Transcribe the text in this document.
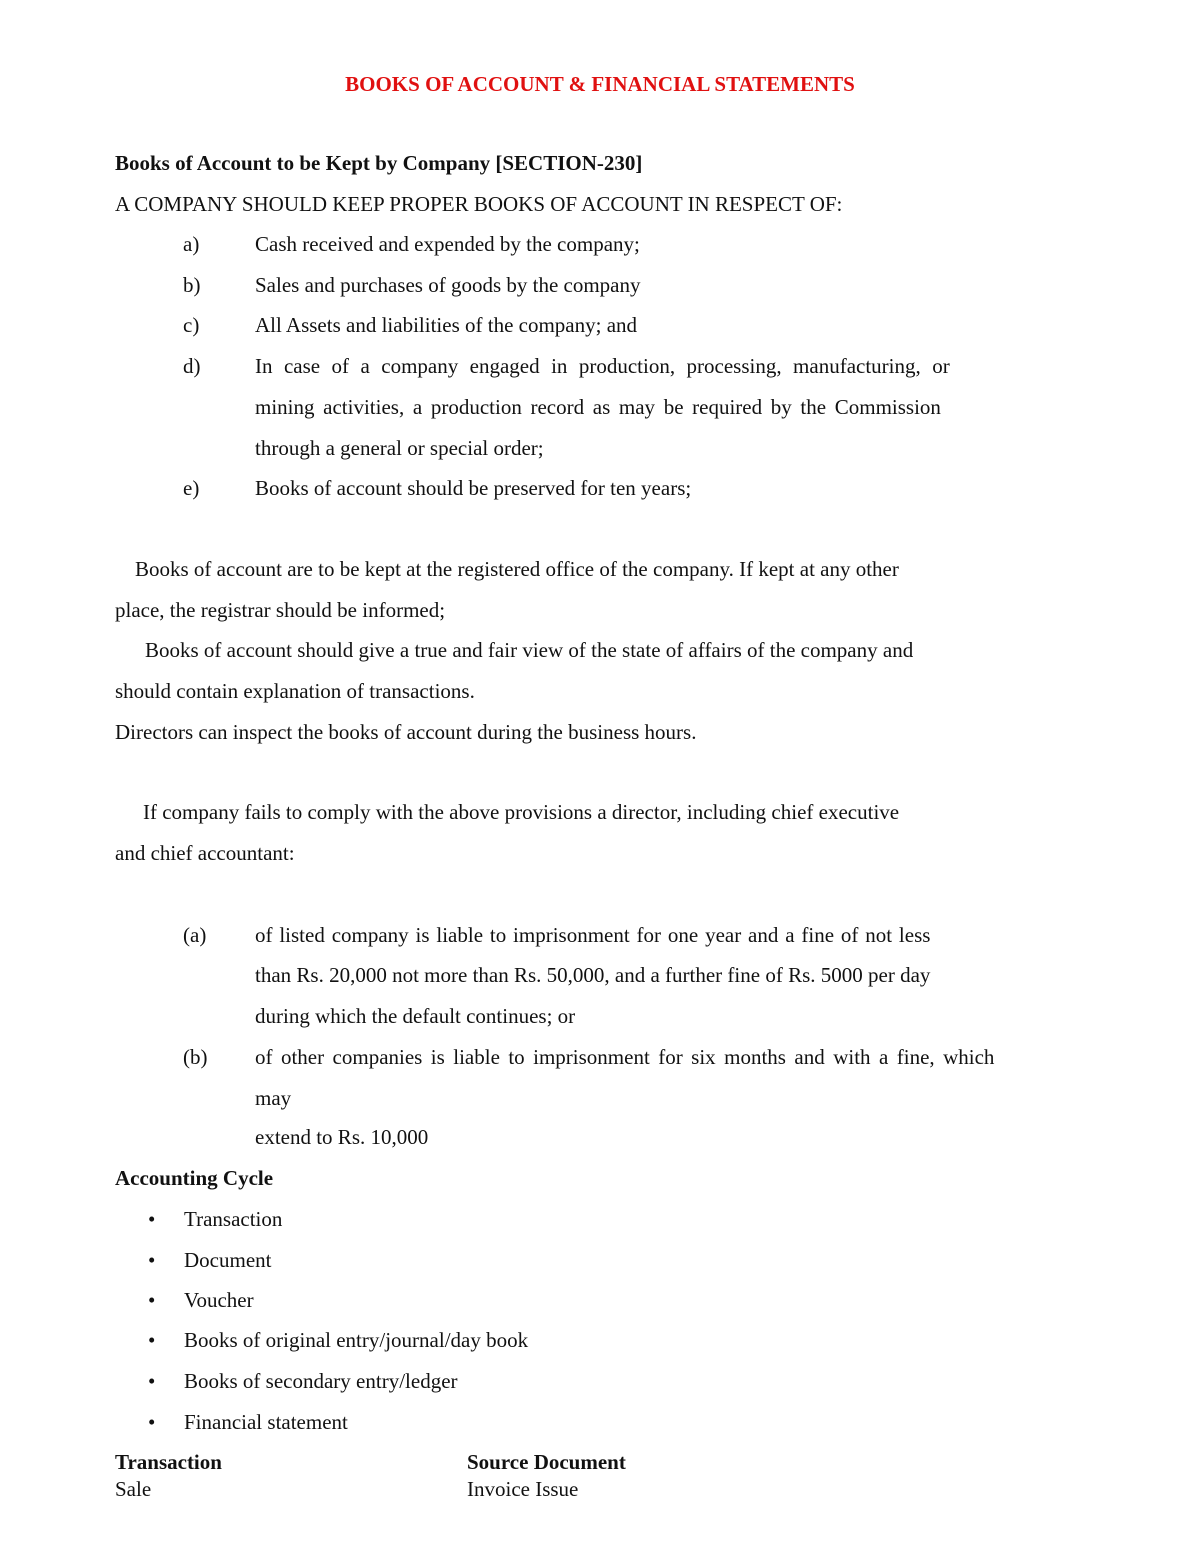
BOOKS OF ACCOUNT & FINANCIAL STATEMENTS
Books of Account to be Kept by Company [SECTION-230]
A COMPANY SHOULD KEEP PROPER BOOKS OF ACCOUNT IN RESPECT OF:
a)	Cash received and expended by the company;
b)	Sales and purchases of goods by the company
c)	All Assets and liabilities of the company; and
d)	In case of a company engaged in production, processing, manufacturing, or
mining activities, a production record as may be required by the Commission
through a general or special order;
e)	Books of account should be preserved for ten years;
Books of account are to be kept at the registered office of the company. If kept at any other
place, the registrar should be informed;
Books of account should give a true and fair view of the state of affairs of the company and
should contain explanation of transactions.
Directors can inspect the books of account during the business hours.
If company fails to comply with the above provisions a director, including chief executive
and chief accountant:
(a)	of listed company is liable to imprisonment for one year and a fine of not less
than Rs. 20,000 not more than Rs. 50,000, and a further fine of Rs. 5000 per day
during which the default continues; or
(b)	of other companies is liable to imprisonment for six months and with a fine, which
may
extend to Rs. 10,000
Accounting Cycle
• Transaction
• Document
• Voucher
• Books of original entry/journal/day book
• Books of secondary entry/ledger
• Financial statement
Transaction	Source Document
Sale	Invoice Issue
